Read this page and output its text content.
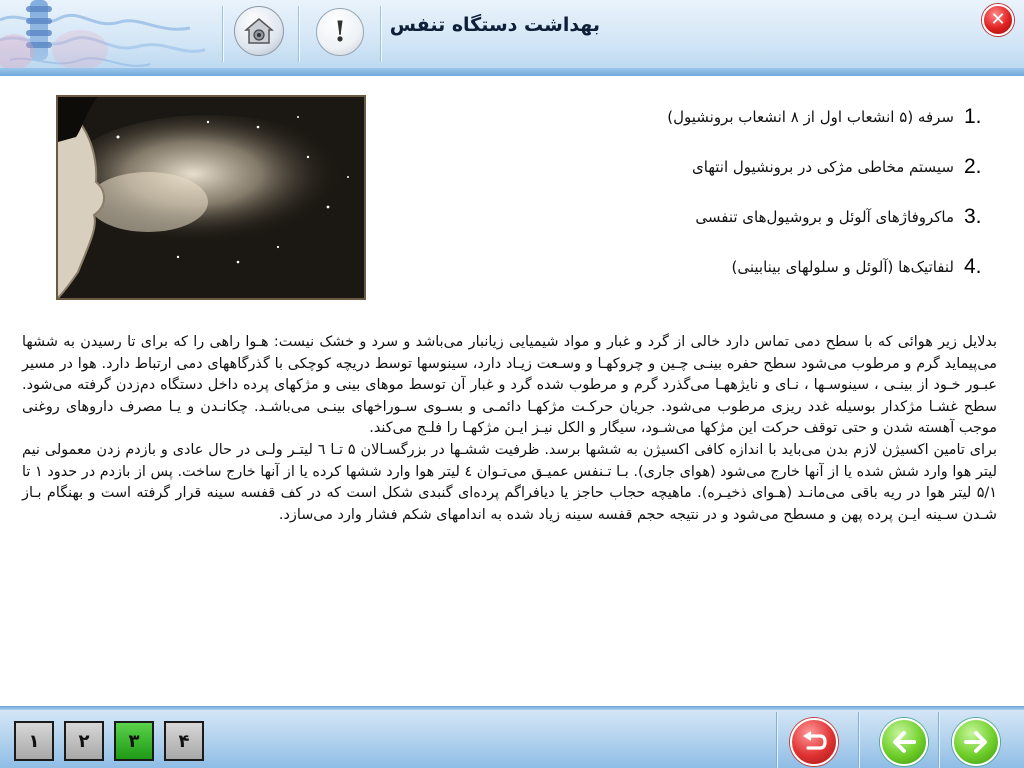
!	بهداشت دستگاه تنفس	✕
1.
سرفه (۵ انشعاب اول از ۸ انشعاب برونشیول)
2.
سیستم مخاطی مژکی در برونشیول انتهای
3.
ماکروفاژهای آلوئل و بروشیول‌های تنفسی
4.
لنفاتیک‌ها (آلوئل و سلولهای بینابینی)

بدلایل زیر هوائی که با سطح دمی تماس دارد خالی از گرد و غبار و مواد شیمیایی زیانبار می‌باشد و سرد و خشک نیست: هـوا راهی را که برای تا رسیدن به ششها می‌پیماید گرم و مرطوب می‌شود سطح حفره بینـی چـین و چروکهـا و وسـعت زیـاد دارد، سینوسها توسط دریچه کوچکی با گذرگاههای دمی ارتباط دارد. هوا در مسیر عبـور خـود از بینـی ، سینوسـها ، نـای و نایژههـا می‌گذرد گرم و مرطوب شده گرد و غبار آن توسط موهای بینی و مژکهای پرده داخل دستگاه دم‌زدن گرفته می‌شود. سطح غشـا مژکدار بوسیله غدد ریزی مرطوب می‌شود. جریان حرکـت مژکهـا دائمـی و بسـوی سـوراخهای بینـی می‌باشـد. چکانـدن و یـا مصرف داروهای روغنی موجب آهسته شدن و حتی توقف حرکت این مژکها می‌شـود، سیگار و الکل نیـز ایـن مژکهـا را فلـج می‌کند.

برای تامین اکسیژن لازم بدن می‌باید با اندازه کافی اکسیژن به ششها برسد. ظرفیت ششـها در بزرگسـالان ۵ تـا ٦ لیتـر ولـی در حال عادی و بازدم زدن معمولی نیم لیتر هوا وارد شش شده یا از آنها خارج می‌شود (هوای جاری). بـا تـنفس عمیـق می‌تـوان ٤ لیتر هوا وارد ششها کرده یا از آنها خارج ساخت. پس از بازدم در حدود ۱ تا ۵/۱ لیتر هوا در ریه باقی می‌مانـد (هـوای ذخیـره). ماهیچه حجاب حاجز یا دیافراگم پرده‌ای گنبدی شکل است که در کف قفسه سینه قرار گرفته است و بهنگام بـاز شـدن سـینه ایـن پرده پهن و مسطح می‌شود و در نتیجه حجم قفسه سینه زیاد شده به اندامهای شکم فشار وارد می‌سازد.

۱	۲	۳	۴
